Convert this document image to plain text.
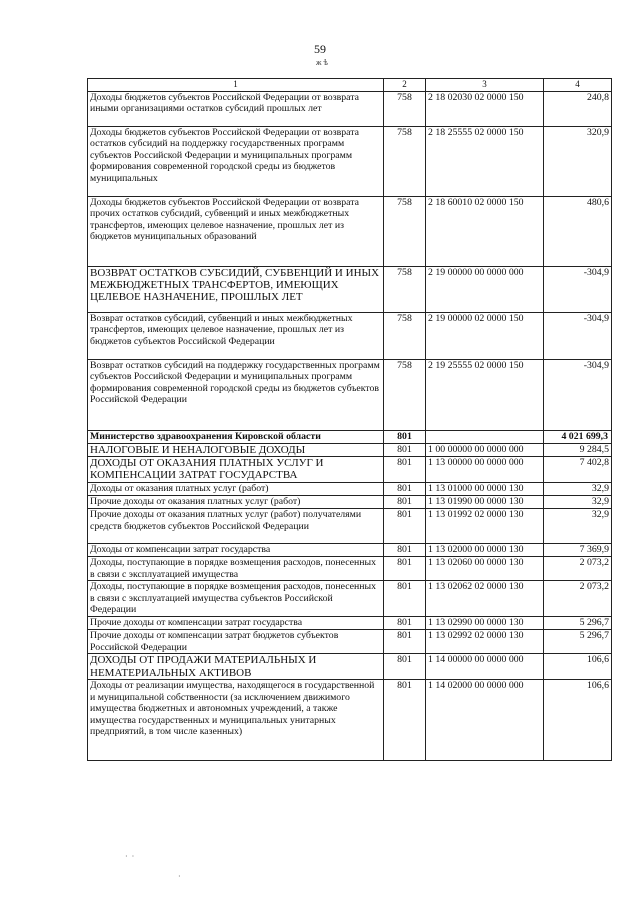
59
ж ѣ
1	2	3	4
Доходы бюджетов субъектов Российской Федерации от возврата иными организациями остатков субсидий прошлых лет	758	2 18 02030 02 0000 150	240,8
Доходы бюджетов субъектов Российской Федерации от возврата остатков субсидий на поддержку государственных программ субъектов Российской Федерации и муниципальных программ формирования современной городской среды из бюджетов муниципальных	758	2 18 25555 02 0000 150	320,9
Доходы бюджетов субъектов Российской Федерации от возврата прочих остатков субсидий, субвенций и иных межбюджетных трансфертов, имеющих целевое назначение, прошлых лет из бюджетов муниципальных образований	758	2 18 60010 02 0000 150	480,6
ВОЗВРАТ ОСТАТКОВ СУБСИДИЙ, СУБВЕНЦИЙ И ИНЫХ МЕЖБЮДЖЕТНЫХ ТРАНСФЕРТОВ, ИМЕЮЩИХ ЦЕЛЕВОЕ НАЗНАЧЕНИЕ, ПРОШЛЫХ ЛЕТ	758	2 19 00000 00 0000 000	-304,9
Возврат остатков субсидий, субвенций и иных межбюджетных трансфертов, имеющих целевое назначение, прошлых лет из бюджетов субъектов Российской Федерации	758	2 19 00000 02 0000 150	-304,9
Возврат остатков субсидий на поддержку государственных программ субъектов Российской Федерации и муниципальных программ формирования современной городской среды из бюджетов субъектов Российской Федерации	758	2 19 25555 02 0000 150	-304,9
Министерство здравоохранения Кировской области	801		4 021 699,3
НАЛОГОВЫЕ И НЕНАЛОГОВЫЕ ДОХОДЫ	801	1 00 00000 00 0000 000	9 284,5
ДОХОДЫ ОТ ОКАЗАНИЯ ПЛАТНЫХ УСЛУГ И КОМПЕНСАЦИИ ЗАТРАТ ГОСУДАРСТВА	801	1 13 00000 00 0000 000	7 402,8
Доходы от оказания платных услуг (работ)	801	1 13 01000 00 0000 130	32,9
Прочие доходы от оказания платных услуг (работ)	801	1 13 01990 00 0000 130	32,9
Прочие доходы от оказания платных услуг (работ) получателями средств бюджетов субъектов Российской Федерации	801	1 13 01992 02 0000 130	32,9
Доходы от компенсации затрат государства	801	1 13 02000 00 0000 130	7 369,9
Доходы, поступающие в порядке возмещения расходов, понесенных в связи с эксплуатацией имущества	801	1 13 02060 00 0000 130	2 073,2
Доходы, поступающие в порядке возмещения расходов, понесенных в связи с эксплуатацией имущества субъектов Российской Федерации	801	1 13 02062 02 0000 130	2 073,2
Прочие доходы от компенсации затрат государства	801	1 13 02990 00 0000 130	5 296,7
Прочие доходы от компенсации затрат бюджетов субъектов Российской Федерации	801	1 13 02992 02 0000 130	5 296,7
ДОХОДЫ ОТ ПРОДАЖИ МАТЕРИАЛЬНЫХ И НЕМАТЕРИАЛЬНЫХ АКТИВОВ	801	1 14 00000 00 0000 000	106,6
Доходы от реализации имущества, находящегося в государственной и муниципальной собственности (за исключением движимого имущества бюджетных и автономных учреждений, а также имущества государственных и муниципальных унитарных предприятий, в том числе казенных)	801	1 14 02000 00 0000 000	106,6
·  ·
·
